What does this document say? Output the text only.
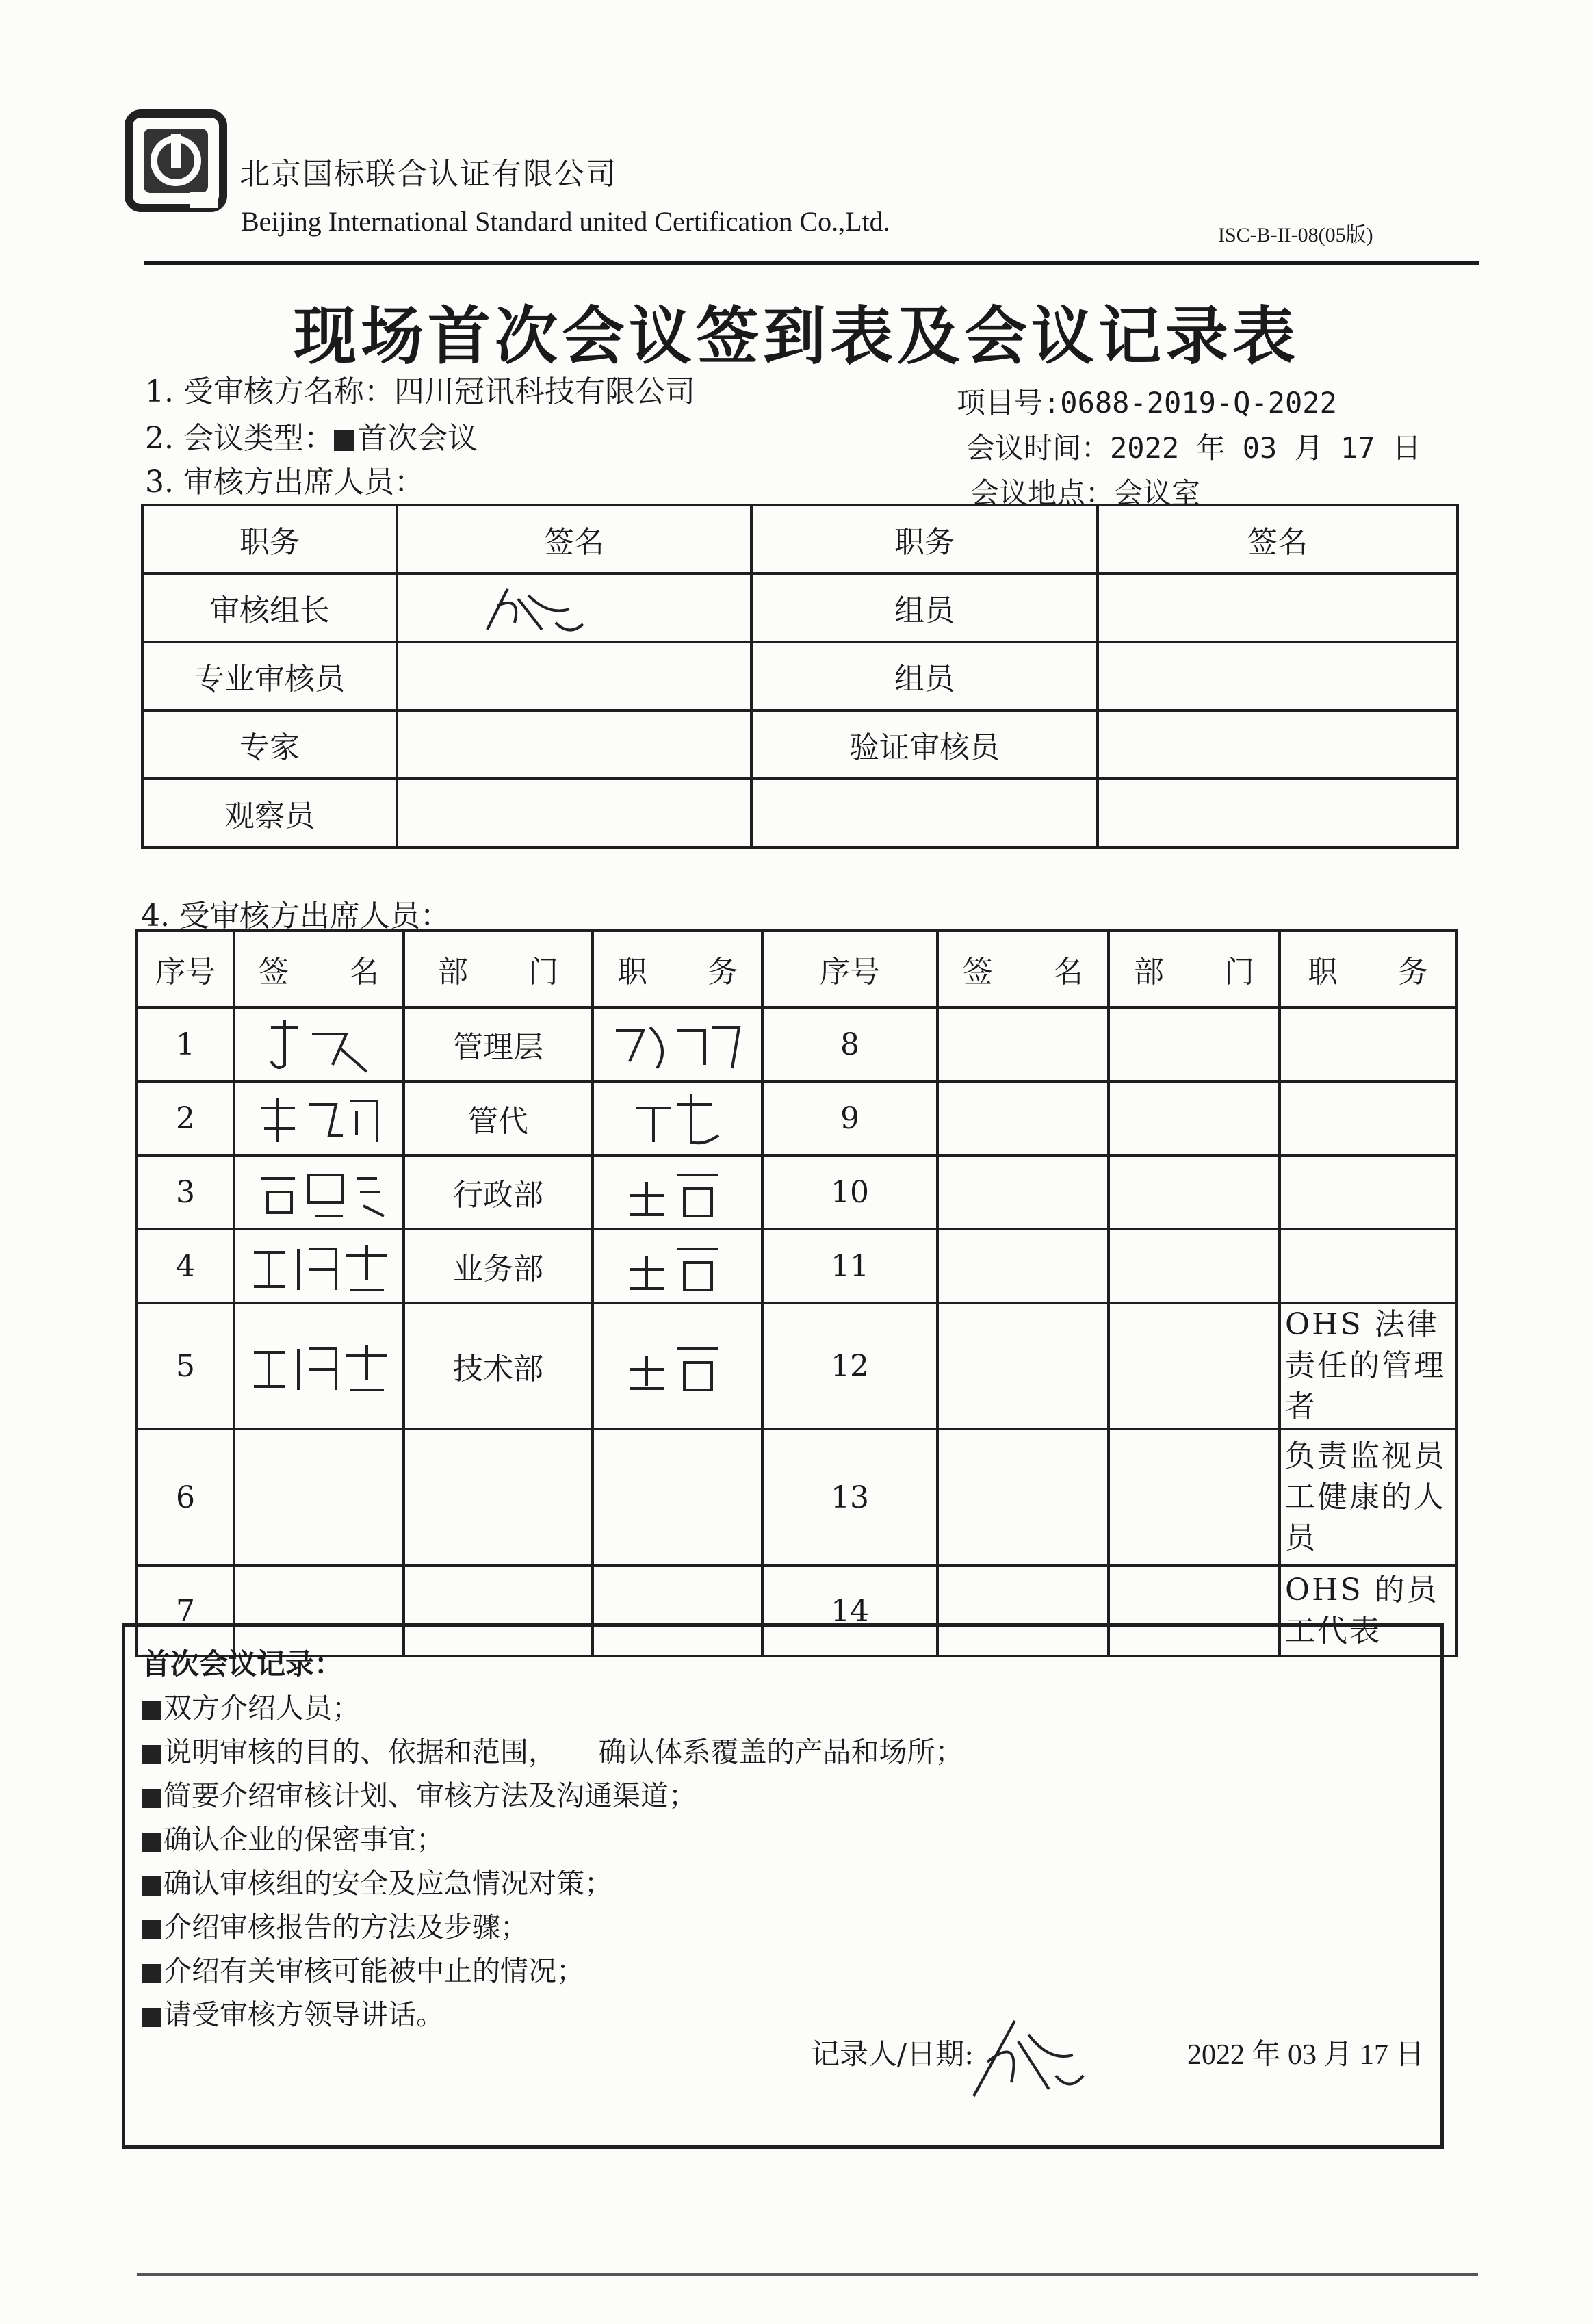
北京国标联合认证有限公司
Beijing International Standard united Certification Co.,Ltd.	ISC-B-II-08(05版)
现场首次会议签到表及会议记录表
1. 受审核方名称：四川冠讯科技有限公司
2. 会议类型： 首次会议
3. 审核方出席人员：
项目号:0688-2019-Q-2022
会议时间：2022 年 03 月 17 日
会议地点：会议室
职务	签名	职务	签名
审核组长		组员	
专业审核员		组员	
专家		验证审核员	
观察员			
4. 受审核方出席人员：
序号	签　　名	部　　门	职　　务	序号	签　　名	部　　门	职　　务
1		管理层		8			
2		管代		9			
3		行政部		10			
4		业务部		11			
5		技术部		12			OHS 法律责任的管理者
6				13			负责监视员工健康的人员
7				14			OHS 的员工代表
首次会议记录：
双方介绍人员；
说明审核的目的、依据和范围，　　确认体系覆盖的产品和场所；
简要介绍审核计划、审核方法及沟通渠道；
确认企业的保密事宜；
确认审核组的安全及应急情况对策；
介绍审核报告的方法及步骤；
介绍有关审核可能被中止的情况；
请受审核方领导讲话。
记录人/日期:	2022 年 03 月 17 日
